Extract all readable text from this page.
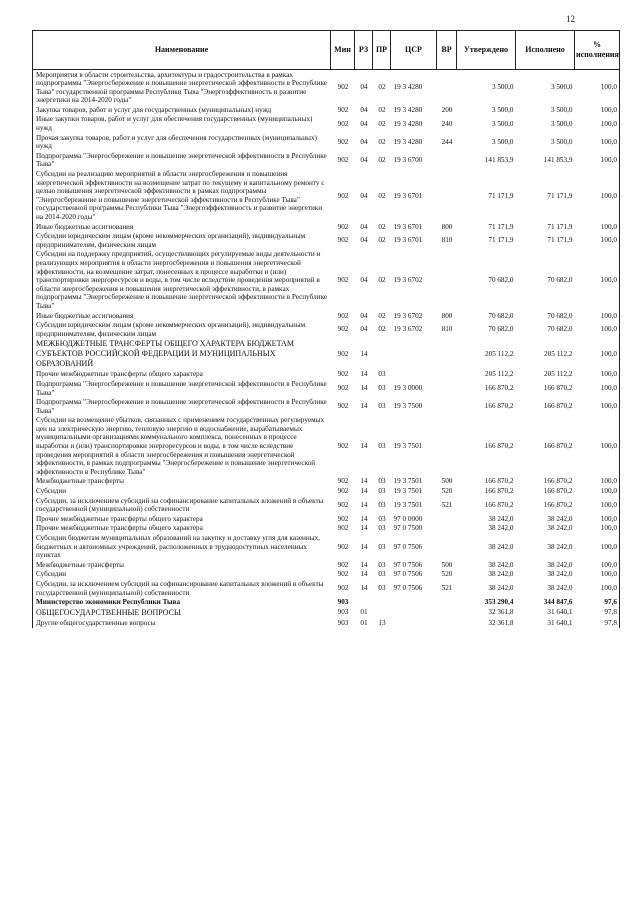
12
Наименование	Мин	РЗ	ПР	ЦСР	ВР	Утверждено	Исполнено	% исполнения
Мероприятия в области строительства, архитектуры и градостроительства в рамках подпрограммы "Энергосбережение и повышение энергетической эффективности в Республике Тыва" государственной программы Республики Тыва "Энергоэффективность и развитие энергетики на 2014-2020 годы"	902	04	02	19 3 4280		3 500,0	3 500,0	100,0
Закупка товаров, работ и услуг для государственных (муниципальных) нужд	902	04	02	19 3 4280	200	3 500,0	3 500,0	100,0
Иные закупки товаров, работ и услуг для обеспечения государственных (муниципальных) нужд	902	04	02	19 3 4280	240	3 500,0	3 500,0	100,0
Прочая закупка товаров, работ и услуг для обеспечения государственных (муниципальных) нужд	902	04	02	19 3 4280	244	3 500,0	3 500,0	100,0
Подпрограмма "Энергосбережение и повышение энергетической эффективности в Республике Тыва"	902	04	02	19 3 6700		141 853,9	141 853,9	100,0
Субсидии на реализацию мероприятий в области энергосбережения и повышения энергетической эффективности на возмещение затрат по текущему и капитальному ремонту с целью повышения энергетической эффективности в рамках подпрограммы "Энергосбережение и повышение энергетической эффективности в Республике Тыва" государственной программы Республики Тыва "Энергоэффективность и развитие энергетики на 2014-2020 годы"	902	04	02	19 3 6701		71 171,9	71 171,9	100,0
Иные бюджетные ассигнования	902	04	02	19 3 6701	800	71 171,9	71 171,9	100,0
Субсидии юридическим лицам (кроме некоммерческих организаций), индивидуальным предпринимателям, физическим лицам	902	04	02	19 3 6701	810	71 171,9	71 171,9	100,0
Субсидии на поддержку предприятий, осуществляющих регулируемые виды деятельности и реализующих мероприятия в области энергосбережения и повышения энергетической эффективности, на возмещение затрат, понесенных в процессе выработки и (или) транспортировки энергоресурсов и воды, в том числе вследствие проведения мероприятий в области энергосбережения и повышения энергетической эффективности, в рамках подпрограммы "Энергосбережение и повышение энергетической эффективности в Республике Тыва"	902	04	02	19 3 6702		70 682,0	70 682,0	100,0
Иные бюджетные ассигнования	902	04	02	19 3 6702	800	70 682,0	70 682,0	100,0
Субсидии юридическим лицам (кроме некоммерческих организаций), индивидуальным предпринимателям, физическим лицам	902	04	02	19 3 6702	810	70 682,0	70 682,0	100,0
МЕЖБЮДЖЕТНЫЕ ТРАНСФЕРТЫ ОБЩЕГО ХАРАКТЕРА БЮДЖЕТАМ СУБЪЕКТОВ РОССИЙСКОЙ ФЕДЕРАЦИИ И МУНИЦИПАЛЬНЫХ ОБРАЗОВАНИЙ	902	14				205 112,2	205 112,2	100,0
Прочие межбюджетные трансферты общего характера	902	14	03			205 112,2	205 112,2	100,0
Подпрограмма "Энергосбережение и повышение энергетической эффективности в Республике Тыва"	902	14	03	19 3 0000		166 870,2	166 870,2	100,0
Подпрограмма "Энергосбережение и повышение энергетической эффективности в Республике Тыва"	902	14	03	19 3 7500		166 870,2	166 870,2	100,0
Субсидии на возмещение убытков, связанных с применением государственных регулируемых цен на электрическую энергию, тепловую энергию и водоснабжение, вырабатываемых муниципальными организациями коммунального комплекса, понесенных в процессе выработки и (или) транспортировки энергоресурсов и воды, в том числе вследствие проведения мероприятий в области энергосбережения и повышения энергетической эффективности, в рамках подпрограммы "Энергосбережение и повышение энергетической эффективности в Республике Тыва"	902	14	03	19 3 7501		166 870,2	166 870,2	100,0
Межбюджетные трансферты	902	14	03	19 3 7501	500	166 870,2	166 870,2	100,0
Субсидии	902	14	03	19 3 7501	520	166 870,2	166 870,2	100,0
Субсидии, за исключением субсидий на софинансирование капитальных вложений в объекты государственной (муниципальной) собственности	902	14	03	19 3 7501	521	166 870,2	166 870,2	100,0
Прочие межбюджетные трансферты общего характера	902	14	03	97 0 0000		38 242,0	38 242,0	100,0
Прочие межбюджетные трансферты общего характера	902	14	03	97 0 7500		38 242,0	38 242,0	100,0
Субсидии бюджетам муниципальных образований на закупку и доставку угля для казенных, бюджетных и автономных учреждений, расположенных в труднодоступных населенных пунктах	902	14	03	97 0 7506		38 242,0	38 242,0	100,0
Межбюджетные трансферты	902	14	03	97 0 7506	500	38 242,0	38 242,0	100,0
Субсидии	902	14	03	97 0 7506	520	38 242,0	38 242,0	100,0
Субсидии, за исключением субсидий на софинансирование капитальных вложений в объекты государственной (муниципальной) собственности	902	14	03	97 0 7506	521	38 242,0	38 242,0	100,0
Министерство экономики Республики Тыва	903					353 290,4	344 847,6	97,6
ОБЩЕГОСУДАРСТВЕННЫЕ ВОПРОСЫ	903	01				32 361,8	31 640,1	97,8
Другие общегосударственные вопросы	903	01	13			32 361,8	31 640,1	97,8
